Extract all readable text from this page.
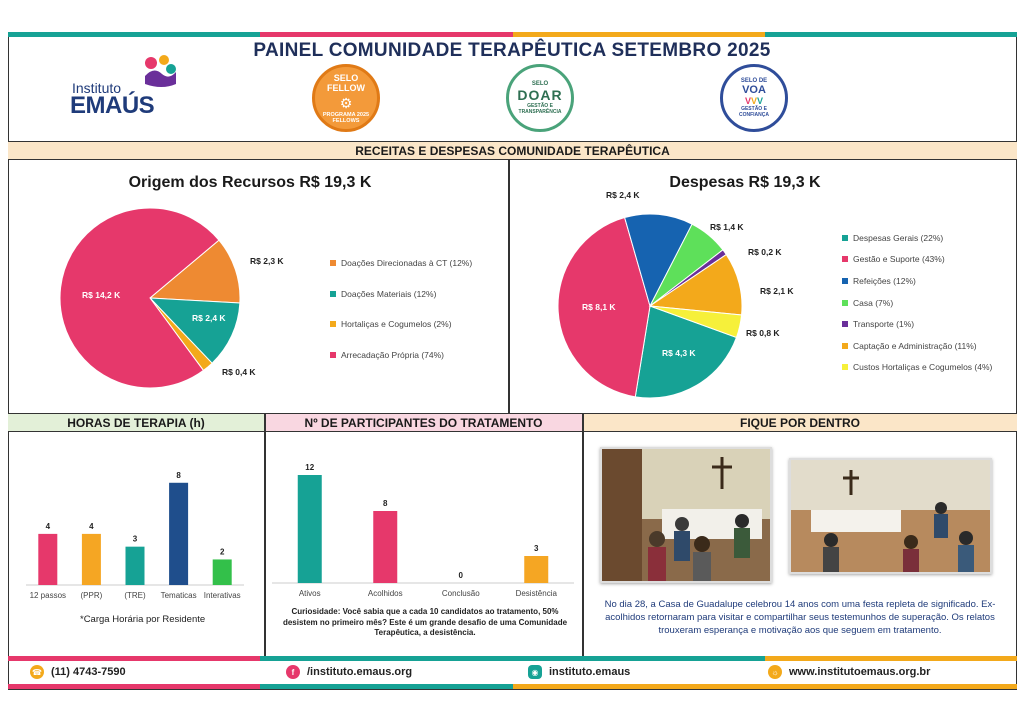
PAINEL COMUNIDADE TERAPÊUTICA SETEMBRO 2025
Instituto
EMAÚS
SELO FELLOW
⚙
PROGRAMA 2025 FELLOWS
SELO
DOAR
GESTÃO E TRANSPARÊNCIA
SELO DE
VOA
VVV
GESTÃO E CONFIANÇA
RECEITAS E DESPESAS COMUNIDADE TERAPÊUTICA
Origem dos Recursos R$ 19,3 K
R$ 2,3 K
R$ 2,4 K
R$ 0,4 K
R$ 14,2 K
Doações Direcionadas à CT (12%)
Doações Materiais (12%)
Hortaliças e Cogumelos (2%)
Arrecadação Própria (74%)
Despesas R$ 19,3 K
R$ 4,3 K
R$ 8,1 K
R$ 2,4 K
R$ 1,4 K
R$ 0,2 K
R$ 2,1 K
R$ 0,8 K
Despesas Gerais (22%)
Gestão e Suporte (43%)
Refeições (12%)
Casa (7%)
Transporte (1%)
Captação e Administração (11%)
Custos Hortaliças e Cogumelos (4%)
HORAS DE TERAPIA (h)	Nº DE PARTICIPANTES DO TRATAMENTO	FIQUE POR DENTRO
4
12 passos
4
(PPR)
3
(TRE)
8
Tematicas
2
Interativas
*Carga Horária por Residente
12
Ativos
8
Acolhidos
0
Conclusão
3
Desistência
Curiosidade: Você sabia que a cada 10 candidatos ao tratamento, 50% desistem no primeiro mês? Este é um grande desafio de uma Comunidade Terapêutica, a desistência.
No dia 28, a Casa de Guadalupe celebrou 14 anos com uma festa repleta de significado. Ex-acolhidos retornaram para visitar e compartilhar seus testemunhos de superação. Os relatos trouxeram esperança e motivação aos que seguem em tratamento.
☎ (11) 4743-7590	f	/instituto.emaus.org	◉ instituto.emaus	☼ www.institutoemaus.org.br
